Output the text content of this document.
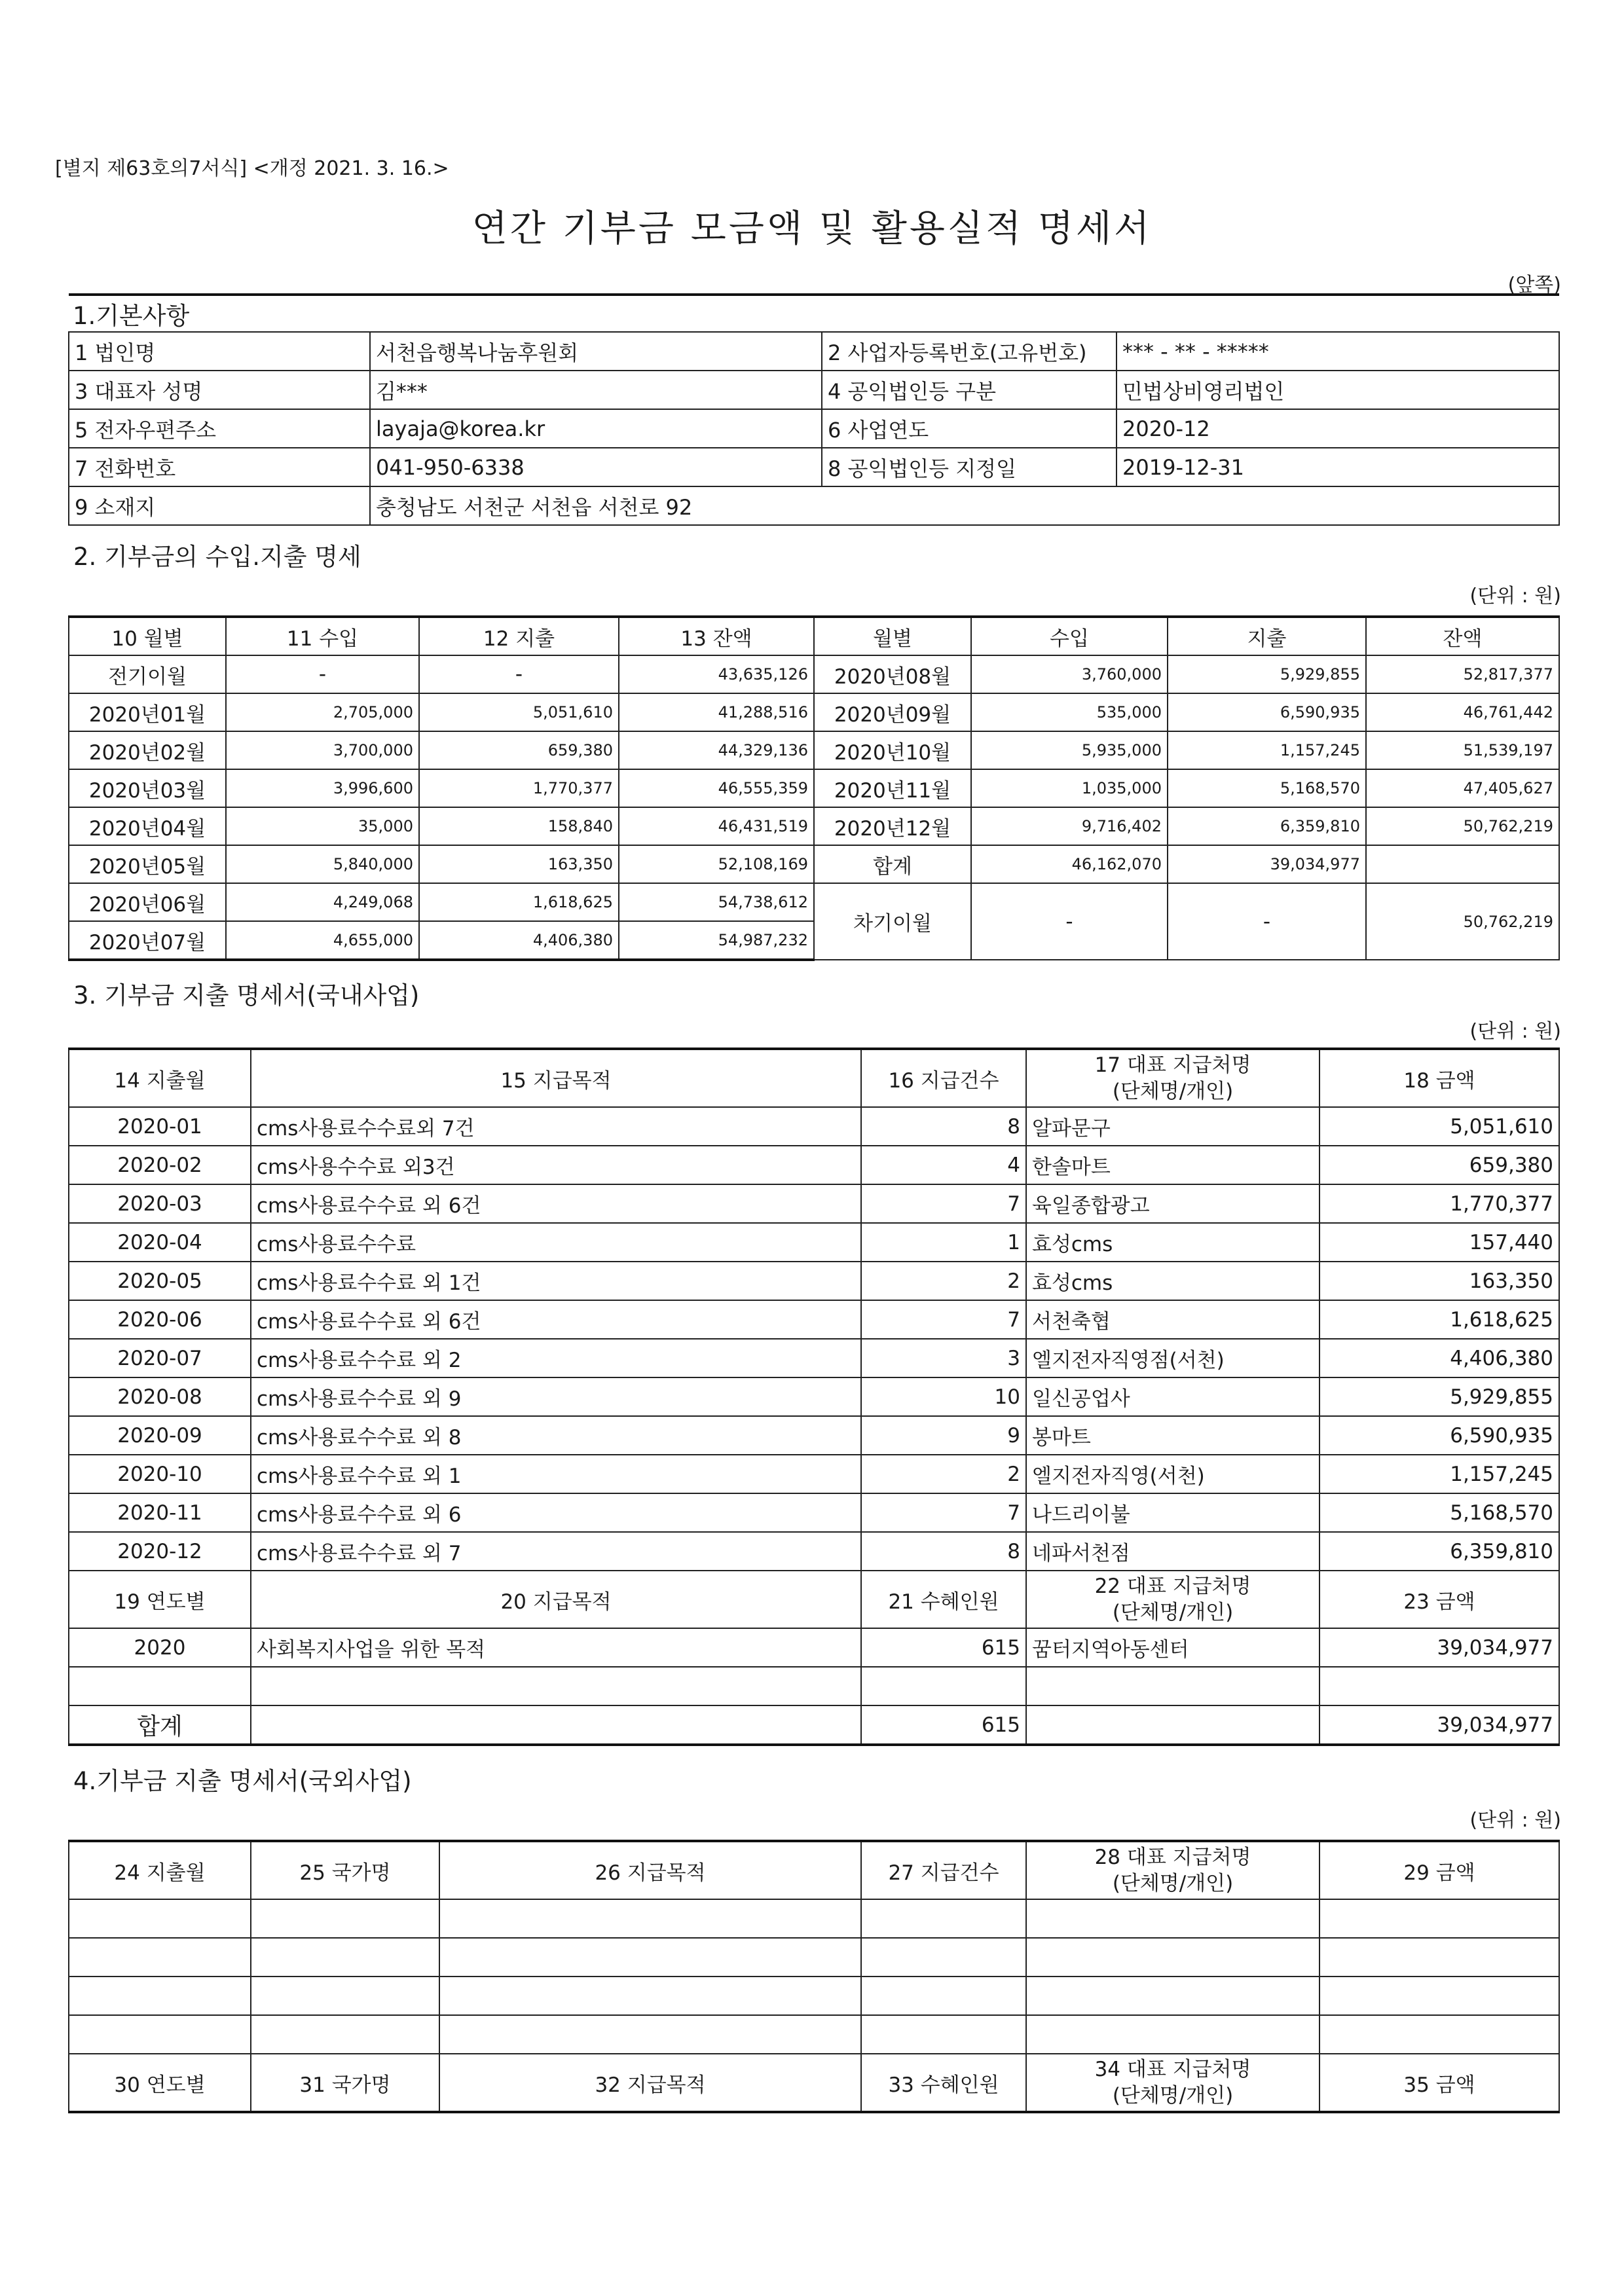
[별지 제63호의7서식] <개정 2021. 3. 16.>
연간 기부금 모금액 및 활용실적 명세서
(앞쪽)
1.기본사항			
1 법인명	서천읍행복나눔후원회	2 사업자등록번호(고유번호)	*** - ** - *****
3 대표자 성명	김***	4 공익법인등 구분	민법상비영리법인
5 전자우편주소	layaja@korea.kr	6 사업연도	2020-12
7 전화번호	041-950-6338	8 공익법인등 지정일	2019-12-31
9 소재지	충청남도 서천군 서천읍 서천로 92		
2. 기부금의 수입.지출 명세
(단위 : 원)
10 월별	11 수입	12 지출	13 잔액	월별	수입	지출	잔액
전기이월	-	-	43,635,126	2020년08월	3,760,000	5,929,855	52,817,377
2020년01월	2,705,000	5,051,610	41,288,516	2020년09월	535,000	6,590,935	46,761,442
2020년02월	3,700,000	659,380	44,329,136	2020년10월	5,935,000	1,157,245	51,539,197
2020년03월	3,996,600	1,770,377	46,555,359	2020년11월	1,035,000	5,168,570	47,405,627
2020년04월	35,000	158,840	46,431,519	2020년12월	9,716,402	6,359,810	50,762,219
2020년05월	5,840,000	163,350	52,108,169	합계	46,162,070	39,034,977	
2020년06월	4,249,068	1,618,625	54,738,612	차기이월	-	-	50,762,219
2020년07월	4,655,000	4,406,380	54,987,232				
3. 기부금 지출 명세서(국내사업)
(단위 : 원)
14 지출월	15 지급목적	16 지급건수	17 대표 지급처명
(단체명/개인)	18 금액
2020-01	cms사용료수수료외 7건	8	알파문구	5,051,610
2020-02	cms사용수수료 외3건	4	한솔마트	659,380
2020-03	cms사용료수수료 외 6건	7	육일종합광고	1,770,377
2020-04	cms사용료수수료	1	효성cms	157,440
2020-05	cms사용료수수료 외 1건	2	효성cms	163,350
2020-06	cms사용료수수료 외 6건	7	서천축협	1,618,625
2020-07	cms사용료수수료 외 2	3	엘지전자직영점(서천)	4,406,380
2020-08	cms사용료수수료 외 9	10	일신공업사	5,929,855
2020-09	cms사용료수수료 외 8	9	봉마트	6,590,935
2020-10	cms사용료수수료 외 1	2	엘지전자직영(서천)	1,157,245
2020-11	cms사용료수수료 외 6	7	나드리이불	5,168,570
2020-12	cms사용료수수료 외 7	8	네파서천점	6,359,810
19 연도별	20 지급목적	21 수혜인원	22 대표 지급처명
(단체명/개인)	23 금액
2020	사회복지사업을 위한 목적	615	꿈터지역아동센터	39,034,977

합계		615		39,034,977
4.기부금 지출 명세서(국외사업)
(단위 : 원)
24 지출월	25 국가명	26 지급목적	27 지급건수	28 대표 지급처명
(단체명/개인)	29 금액

30 연도별	31 국가명	32 지급목적	33 수혜인원	34 대표 지급처명
(단체명/개인)	35 금액
